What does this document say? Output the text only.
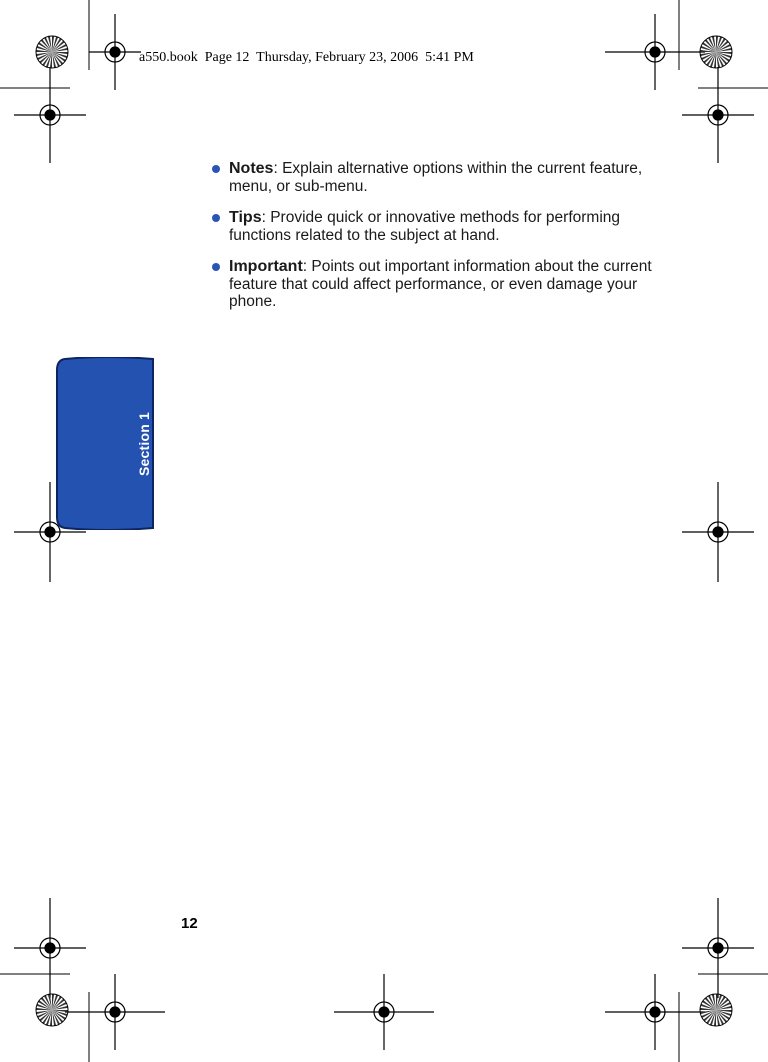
a550.book  Page 12  Thursday, February 23, 2006  5:41 PM
Section 1
Notes: Explain alternative options within the current feature, menu, or sub-menu.
Tips: Provide quick or innovative methods for performing functions related to the subject at hand.
Important: Points out important information about the current feature that could affect performance, or even damage your phone.
12
